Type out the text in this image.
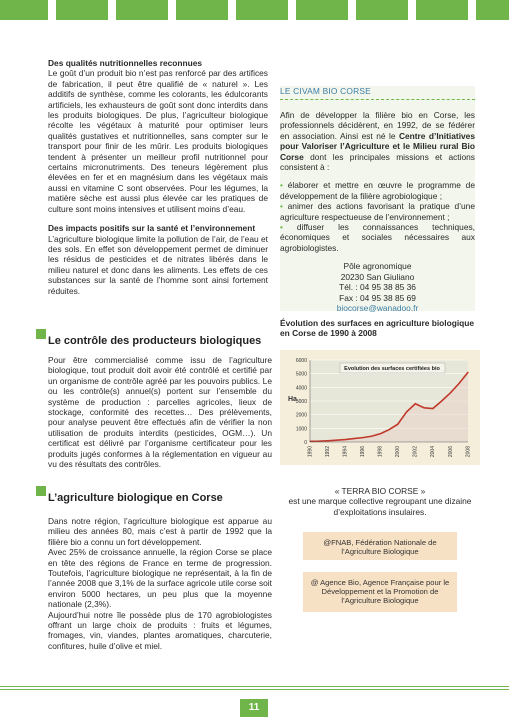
Des qualités nutritionnelles reconnues

Le goût d’un produit bio n’est pas renforcé par des artifices de fabrication, il peut être qualifié de « naturel ». Les additifs de synthèse, comme les colorants, les édulcorants artificiels, les exhausteurs de goût sont donc interdits dans les produits biologiques. De plus, l’agriculteur biologique récolte les végétaux à maturité pour optimiser leurs qualités gustatives et nutritionnelles, sans compter sur le transport pour finir de les mûrir. Les produits biologiques tendent à présenter un meilleur profil nutritionnel pour certains micronutriments. Des teneurs légèrement plus élevées en fer et en magnésium dans les végétaux mais aussi en vitamine C sont observées. Pour les légumes, la matière sèche est aussi plus élevée car les pratiques de culture sont moins intensives et utilisent moins d’eau.

Des impacts positifs sur la santé et l’environnement

L’agriculture biologique limite la pollution de l’air, de l’eau et des sols. En effet son développement permet de diminuer les résidus de pesticides et de nitrates libérés dans le milieu naturel et donc dans les aliments. Les effets de ces substances sur la santé de l’homme sont ainsi fortement réduites.

Le contrôle des producteurs biologiques

Pour être commercialisé comme issu de l’agriculture biologique, tout produit doit avoir été contrôlé et certifié par un organisme de contrôle agréé par les pouvoirs publics. Le ou les contrôle(s) annuel(s) portent sur l’ensemble du système de production : parcelles agricoles, lieux de stockage, conformité des recettes… Des prélèvements, pour analyse peuvent être effectués afin de vérifier la non utilisation de produits interdits (pesticides, OGM…). Un certificat est délivré par l’organisme certificateur pour les produits jugés conformes à la réglementation en vigueur au vu des résultats des contrôles.

L’agriculture biologique en Corse

Dans notre région, l’agriculture biologique est apparue au milieu des années 80, mais c’est à partir de 1992 que la filière bio a connu un fort développement.

Avec 25% de croissance annuelle, la région Corse se place en tête des régions de France en terme de progression. Toutefois, l’agriculture biologique ne représentait, à la fin de l’année 2008 que 3,1% de la surface agricole utile corse soit environ 5000 hectares, un peu plus que la moyenne nationale (2,3%).

Aujourd’hui notre île possède plus de 170 agrobiologistes offrant un large choix de produits : fruits et légumes, fromages, vin, viandes, plantes aromatiques, charcuterie, confitures, huile d’olive et miel.

LE CIVAM BIO CORSE

Afin de développer la filière bio en Corse, les professionnels décidèrent, en 1992, de se fédérer en association. Ainsi est né le Centre d’Initiatives pour Valoriser l’Agriculture et le Milieu rural Bio Corse dont les principales missions et actions consistent à :

• élaborer et mettre en œuvre le programme de développement de la filière agrobiologique ;

• animer des actions favorisant la pratique d’une agriculture respectueuse de l’environnement ;

• diffuser les connaissances techniques, économiques et sociales nécessaires aux agrobiologistes.

Pôle agronomique

20230 San Giuliano

Tél. : 04 95 38 85 36

Fax : 04 95 38 85 69

biocorse@wanadoo.fr

Évolution des surfaces en agriculture biologique en Corse de 1990 à 2008
0
1000
2000
3000
4000
5000
6000
Ha
Evolution des surfaces certifiées bio
1990 1992 1994 1996 1998 2000 2002 2004 2006 2008
« TERRA BIO CORSE »
est une marque collective regroupant une dizaine d’exploitations insulaires.
@FNAB, Fédération Nationale de l’Agriculture Biologique
@ Agence Bio, Agence Française pour le Développement et la Promotion de l’Agriculture Biologique
11
